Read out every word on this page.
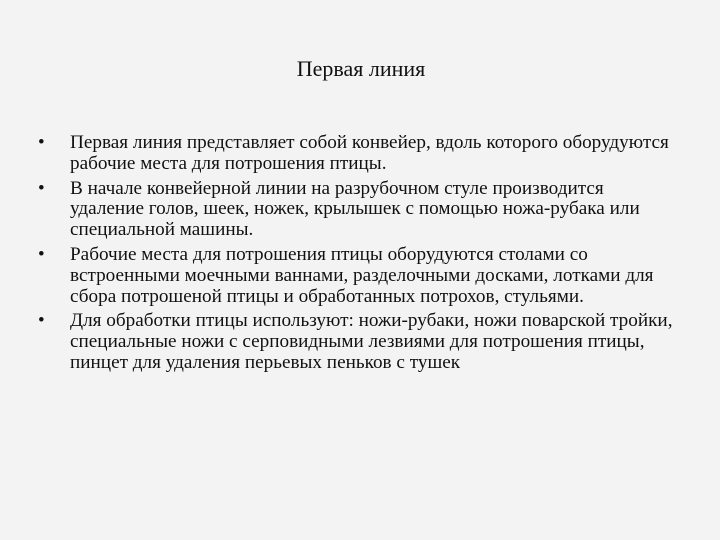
Первая линия
•	Первая линия представляет собой конвейер, вдоль которого оборудуются рабочие места для потрошения птицы.
•	В начале конвейерной линии на разрубочном стуле производится удаление голов, шеек, ножек, крылышек с помощью ножа-рубака или специальной машины.
•	Рабочие места для потрошения птицы оборудуются столами со встроенными моечными ваннами, разделочными досками, лотками для сбора потрошеной птицы и обработанных потрохов, стульями.
•	Для обработки птицы используют: ножи-рубаки, ножи поварской тройки, специальные ножи с серповидными лезвиями для потрошения птицы, пинцет для удаления перьевых пеньков с тушек
